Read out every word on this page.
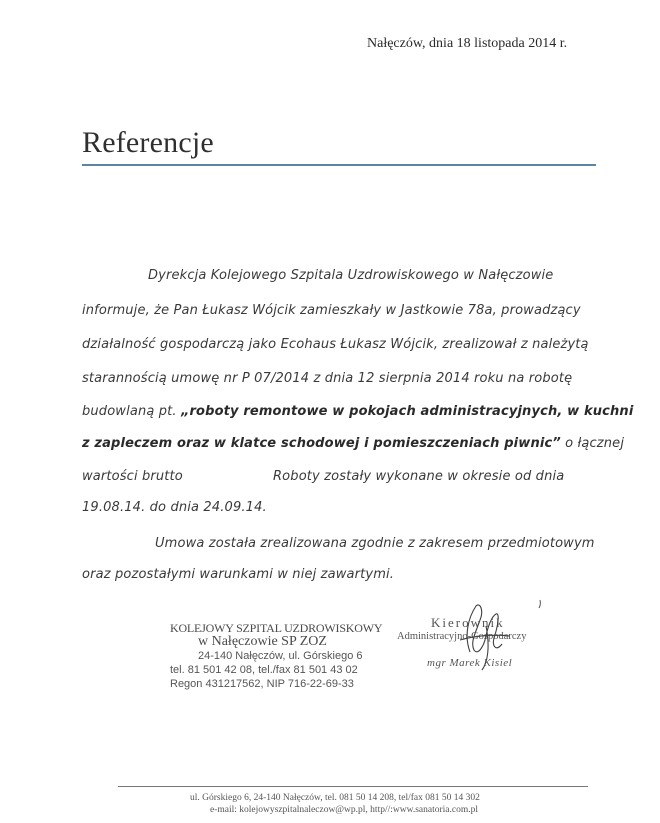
Nałęczów, dnia 18 listopada 2014 r.
Referencje
Dyrekcja Kolejowego Szpitala Uzdrowiskowego w Nałęczowie
informuje, że Pan Łukasz Wójcik zamieszkały w Jastkowie 78a, prowadzący
działalność gospodarczą jako Ecohaus Łukasz Wójcik, zrealizował z należytą
starannością umowę nr P 07/2014 z dnia 12 sierpnia 2014 roku na robotę
budowlaną pt. „roboty remontowe w pokojach administracyjnych, w kuchni
z zapleczem oraz w klatce schodowej i pomieszczeniach piwnic” o łącznej
wartości brutto	Roboty zostały wykonane w okresie od dnia
19.08.14. do dnia 24.09.14.
Umowa została zrealizowana zgodnie z zakresem przedmiotowym
oraz pozostałymi warunkami w niej zawartymi.
KOLEJOWY SZPITAL UZDROWISKOWY
w Nałęczowie SP ZOZ
24-140 Nałęczów, ul. Górskiego 6
tel. 81 501 42 08, tel./fax 81 501 43 02
Regon 431217562, NIP 716-22-69-33
Kierownik
Administracyjno-Gospodarczy
mgr Marek Kisiel
ul. Górskiego 6, 24-140 Nałęczów, tel. 081 50 14 208, tel/fax 081 50 14 302
e-mail: kolejowyszpitalnaleczow@wp.pl, http//:www.sanatoria.com.pl
